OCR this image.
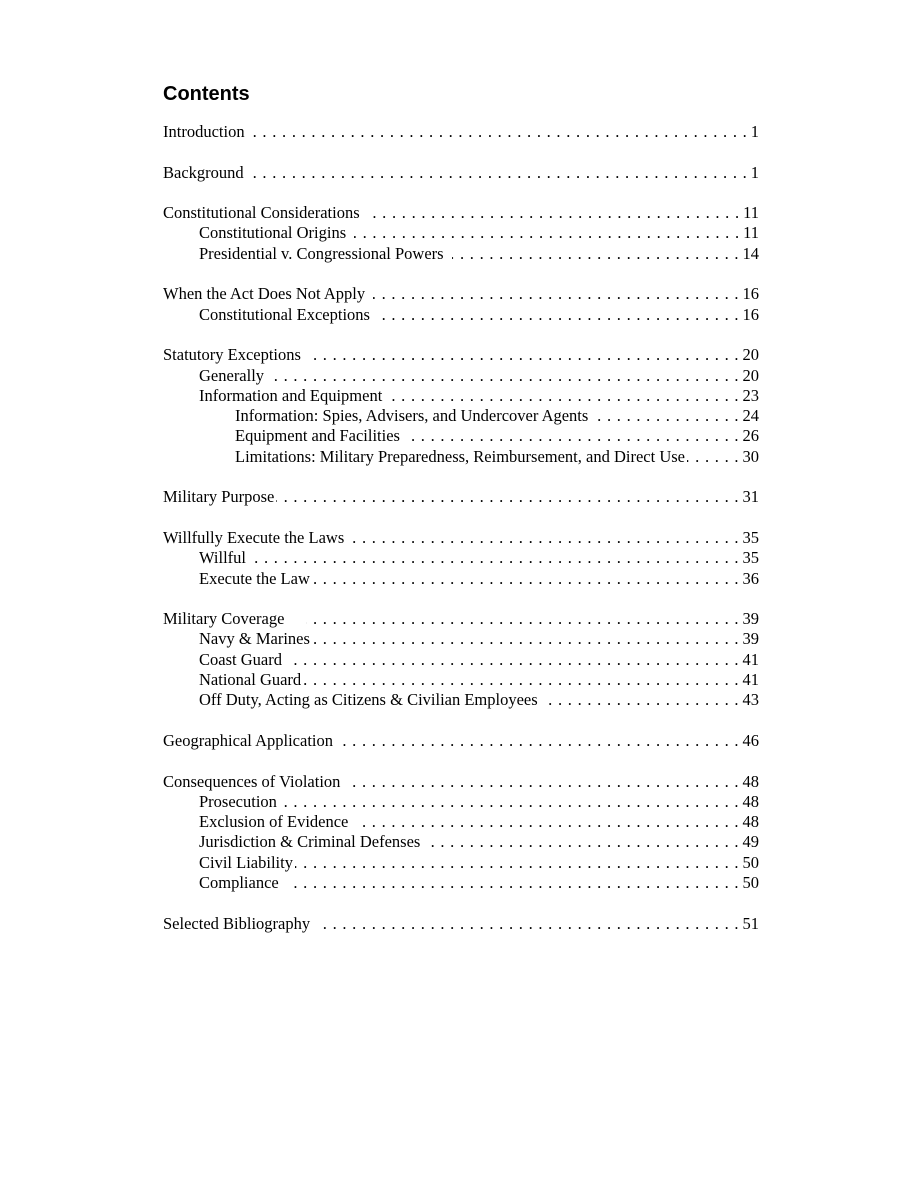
Contents
Introduction . . .	1
Background . . .	1
Constitutional Considerations . . .	11
Constitutional Origins . . .	11
Presidential v. Congressional Powers . . .	14
When the Act Does Not Apply . . .	16
Constitutional Exceptions . . .	16
Statutory Exceptions . . .	20
Generally . . .	20
Information and Equipment . . .	23
Information: Spies, Advisers, and Undercover Agents . . .	24
Equipment and Facilities . . .	26
Limitations: Military Preparedness, Reimbursement, and Direct Use . . .	30
Military Purpose . . .	31
Willfully Execute the Laws . . .	35
Willful . . .	35
Execute the Law . . .	36
Military Coverage . . .	39
Navy & Marines . . .	39
Coast Guard . . .	41
National Guard . . .	41
Off Duty, Acting as Citizens & Civilian Employees . . .	43
Geographical Application . . .	46
Consequences of Violation . . .	48
Prosecution . . .	48
Exclusion of Evidence . . .	48
Jurisdiction & Criminal Defenses . . .	49
Civil Liability . . .	50
Compliance . . .	50
Selected Bibliography . . .	51
